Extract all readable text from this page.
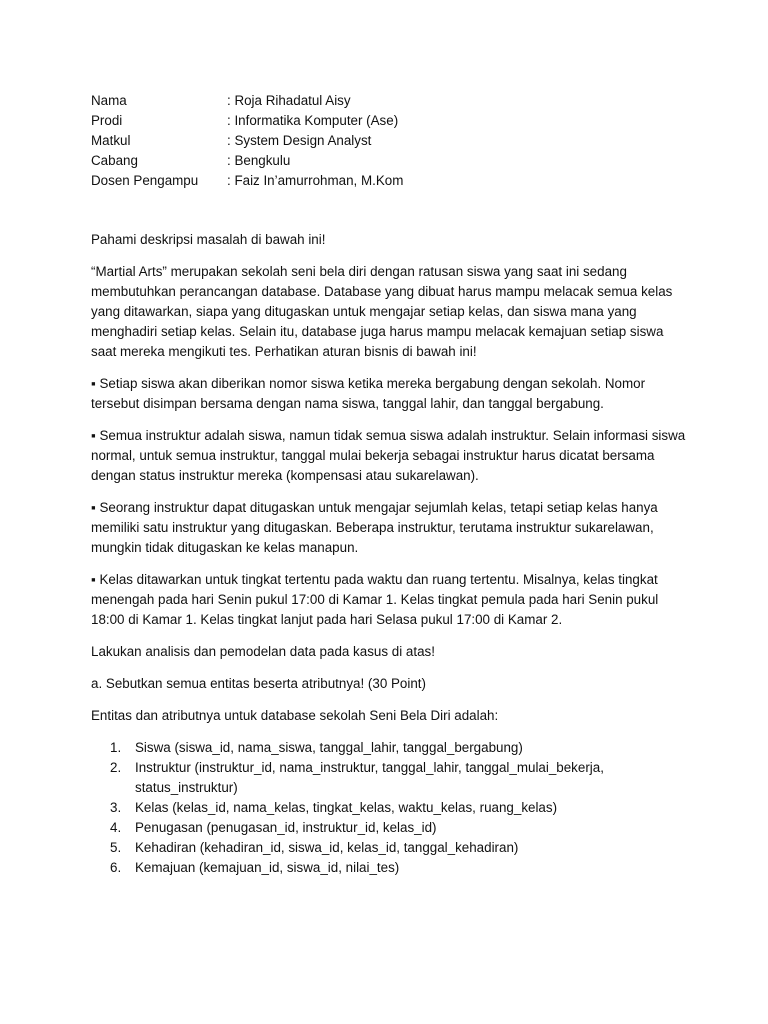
Nama	: Roja Rihadatul Aisy
Prodi	: Informatika Komputer (Ase)
Matkul	: System Design Analyst
Cabang	: Bengkulu
Dosen Pengampu	: Faiz In’amurrohman, M.Kom

Pahami deskripsi masalah di bawah ini!

“Martial Arts” merupakan sekolah seni bela diri dengan ratusan siswa yang saat ini sedang membutuhkan perancangan database. Database yang dibuat harus mampu melacak semua kelas yang ditawarkan, siapa yang ditugaskan untuk mengajar setiap kelas, dan siswa mana yang menghadiri setiap kelas. Selain itu, database juga harus mampu melacak kemajuan setiap siswa saat mereka mengikuti tes. Perhatikan aturan bisnis di bawah ini!

▪ Setiap siswa akan diberikan nomor siswa ketika mereka bergabung dengan sekolah. Nomor tersebut disimpan bersama dengan nama siswa, tanggal lahir, dan tanggal bergabung.

▪ Semua instruktur adalah siswa, namun tidak semua siswa adalah instruktur. Selain informasi siswa normal, untuk semua instruktur, tanggal mulai bekerja sebagai instruktur harus dicatat bersama dengan status instruktur mereka (kompensasi atau sukarelawan).

▪ Seorang instruktur dapat ditugaskan untuk mengajar sejumlah kelas, tetapi setiap kelas hanya memiliki satu instruktur yang ditugaskan. Beberapa instruktur, terutama instruktur sukarelawan, mungkin tidak ditugaskan ke kelas manapun.

▪ Kelas ditawarkan untuk tingkat tertentu pada waktu dan ruang tertentu. Misalnya, kelas tingkat menengah pada hari Senin pukul 17:00 di Kamar 1. Kelas tingkat pemula pada hari Senin pukul 18:00 di Kamar 1. Kelas tingkat lanjut pada hari Selasa pukul 17:00 di Kamar 2.

Lakukan analisis dan pemodelan data pada kasus di atas!

a. Sebutkan semua entitas beserta atributnya! (30 Point)

Entitas dan atributnya untuk database sekolah Seni Bela Diri adalah:

1.	Siswa (siswa_id, nama_siswa, tanggal_lahir, tanggal_bergabung)
2.	Instruktur (instruktur_id, nama_instruktur, tanggal_lahir, tanggal_mulai_bekerja, status_instruktur)
3.	Kelas (kelas_id, nama_kelas, tingkat_kelas, waktu_kelas, ruang_kelas)
4.	Penugasan (penugasan_id, instruktur_id, kelas_id)
5.	Kehadiran (kehadiran_id, siswa_id, kelas_id, tanggal_kehadiran)
6.	Kemajuan (kemajuan_id, siswa_id, nilai_tes)
